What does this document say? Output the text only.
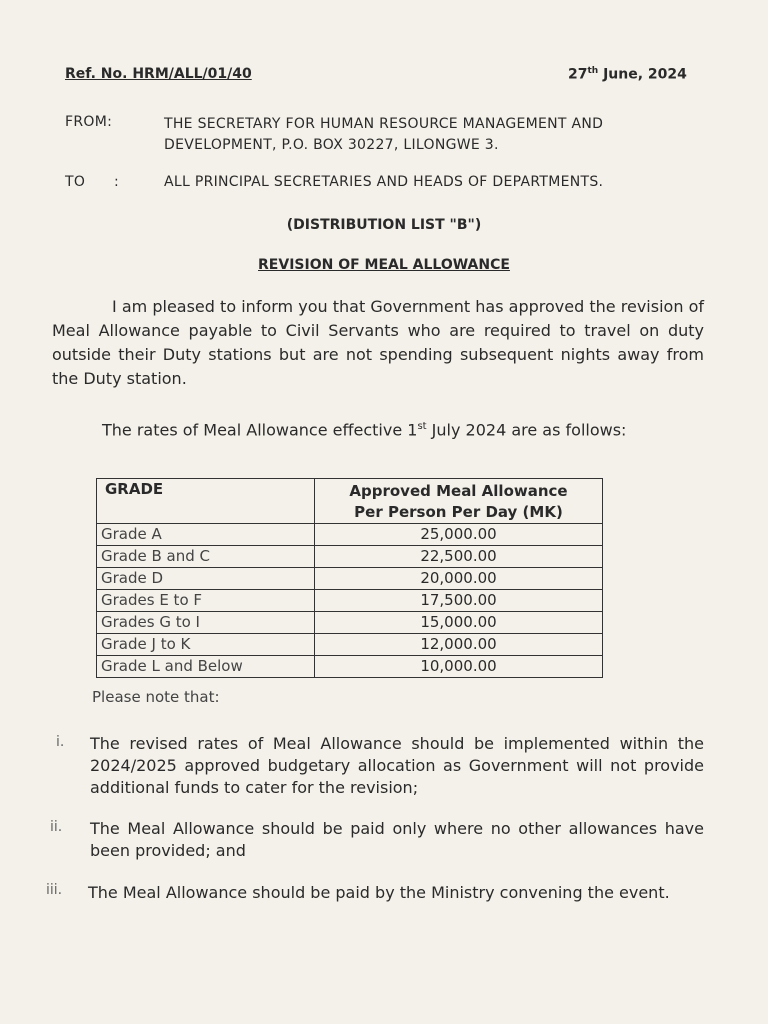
Ref. No. HRM/ALL/01/40	27th June, 2024
FROM:	THE SECRETARY FOR HUMAN RESOURCE MANAGEMENT AND DEVELOPMENT, P.O. BOX 30227, LILONGWE 3.
TO :	ALL PRINCIPAL SECRETARIES AND HEADS OF DEPARTMENTS.
(DISTRIBUTION LIST "B")
REVISION OF MEAL ALLOWANCE
I am pleased to inform you that Government has approved the revision of Meal Allowance payable to Civil Servants who are required to travel on duty outside their Duty stations but are not spending subsequent nights away from the Duty station.
The rates of Meal Allowance effective 1st July 2024 are as follows:
GRADE	Approved Meal Allowance
Per Person Per Day (MK)

Grade A	25,000.00
Grade B and C	22,500.00
Grade D	20,000.00
Grades E to F	17,500.00
Grades G to I	15,000.00
Grade J to K	12,000.00
Grade L and Below	10,000.00
Please note that:
i. The revised rates of Meal Allowance should be implemented within the 2024/2025 approved budgetary allocation as Government will not provide additional funds to cater for the revision;
ii. The Meal Allowance should be paid only where no other allowances have been provided; and
iii. The Meal Allowance should be paid by the Ministry convening the event.
